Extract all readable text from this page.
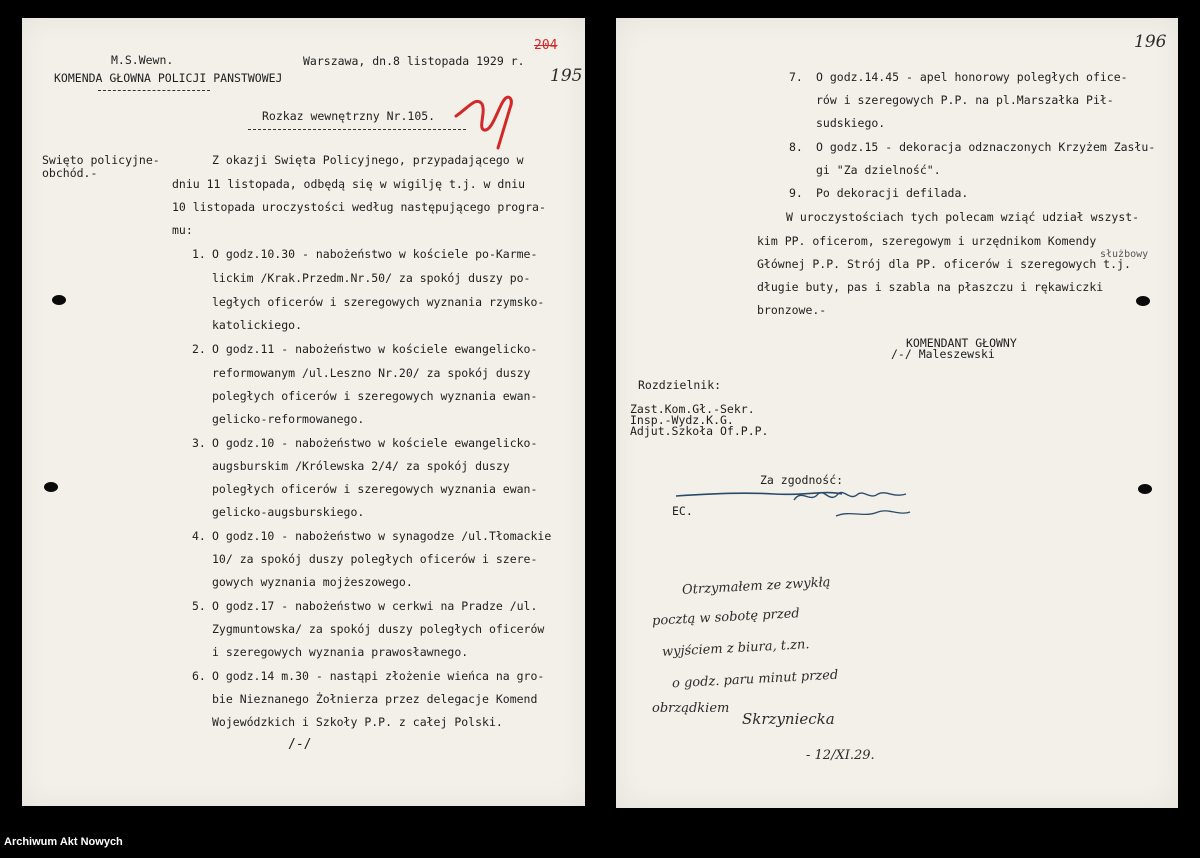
M.S.Wewn.
KOMENDA GŁOWNA POLICJI PANSTWOWEJ
Warszawa, dn.8 listopada 1929 r.
204
195
Rozkaz wewnętrzny Nr.105.
Swięto policyjne-
obchód.-
Z okazji Swięta Policyjnego, przypadającego w
dniu 11 listopada, odbędą się w wigilję t.j. w dniu
10 listopada uroczystości według następującego progra-
mu:
1. O godz.10.30 - nabożeństwo w kościele po-Karme-
lickim /Krak.Przedm.Nr.50/ za spokój duszy po-
ległych oficerów i szeregowych wyznania rzymsko-
katolickiego.
2. O godz.11 - nabożeństwo w kościele ewangelicko-
reformowanym /ul.Leszno Nr.20/ za spokój duszy
poległych oficerów i szeregowych wyznania ewan-
gelicko-reformowanego.
3. O godz.10 - nabożeństwo w kościele ewangelicko-
augsburskim /Królewska 2/4/ za spokój duszy
poległych oficerów i szeregowych wyznania ewan-
gelicko-augsburskiego.
4. O godz.10 - nabożeństwo w synagodze /ul.Tłomackie
10/ za spokój duszy poległych oficerów i szere-
gowych wyznania mojżeszowego.
5. O godz.17 - nabożeństwo w cerkwi na Pradze /ul.
Zygmuntowska/ za spokój duszy poległych oficerów
i szeregowych wyznania prawosławnego.
6. O godz.14 m.30 - nastąpi złożenie wieńca na gro-
bie Nieznanego Żołnierza przez delegacje Komend
Wojewódzkich i Szkoły P.P. z całej Polski.
/-/
196
7. O godz.14.45 - apel honorowy poległych ofice-
rów i szeregowych P.P. na pl.Marszałka Pił-
sudskiego.
8. O godz.15 - dekoracja odznaczonych Krzyżem Zasłu-
gi "Za dzielność".
9. Po dekoracji defilada.
W uroczystościach tych polecam wziąć udział wszyst-
kim PP. oficerom, szeregowym i urzędnikom Komendy
Głównej P.P. Strój dla PP. oficerów i szeregowych t.j.
długie buty, pas i szabla na płaszczu i rękawiczki
bronzowe.-
służbowy
KOMENDANT GŁOWNY
/-/ Maleszewski
Rozdzielnik:
Zast.Kom.Gł.-Sekr.
Insp.-Wydz.K.G.
Adjut.Szkoła Of.P.P.
Za zgodność:
EC.
Otrzymałem ze zwykłą
pocztą w sobotę przed
wyjściem z biura, t.zn.
o godz. paru minut przed
obrządkiem
Skrzyniecka
- 12/XI.29.
Archiwum Akt Nowych
